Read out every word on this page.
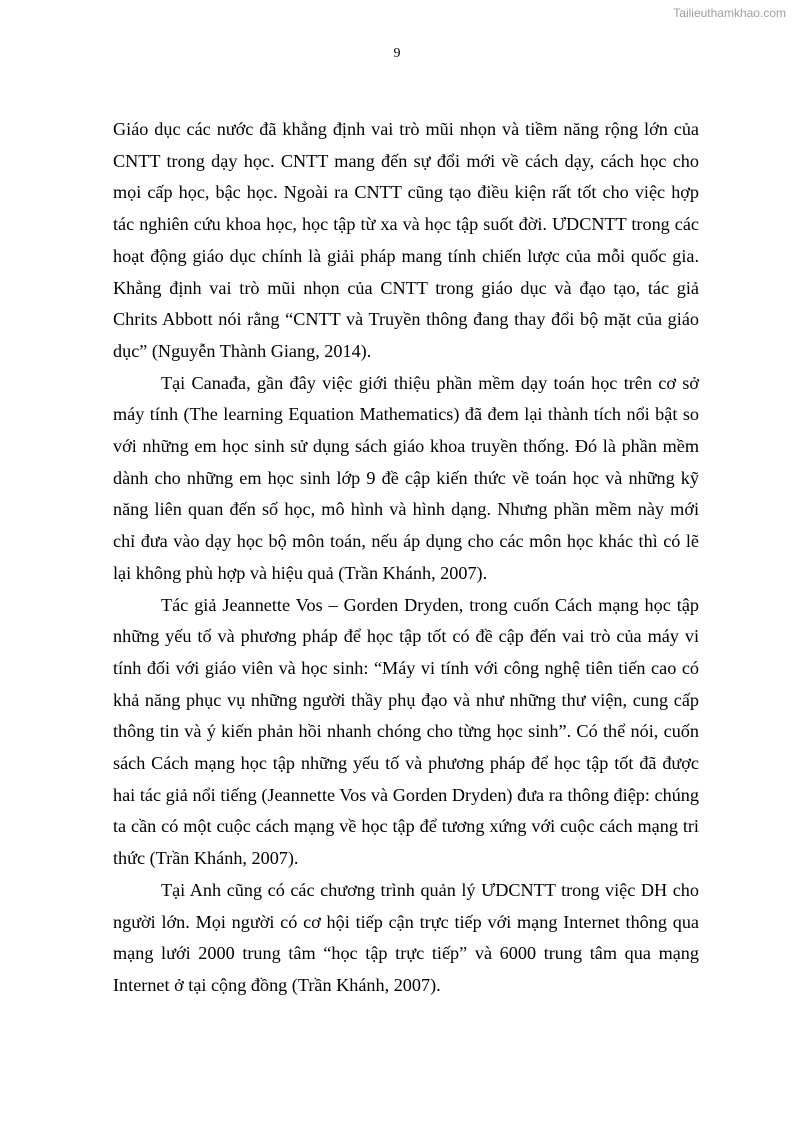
Tailieuthamkhao.com
9

Giáo dục các nước đã khẳng định vai trò mũi nhọn và tiềm năng rộng lớn của CNTT trong dạy học. CNTT mang đến sự đổi mới về cách dạy, cách học cho mọi cấp học, bậc học. Ngoài ra CNTT cũng tạo điều kiện rất tốt cho việc hợp tác nghiên cứu khoa học, học tập từ xa và học tập suốt đời. ƯDCNTT trong các hoạt động giáo dục chính là giải pháp mang tính chiến lược của mỗi quốc gia. Khẳng định vai trò mũi nhọn của CNTT trong giáo dục và đạo tạo, tác giả Chrits Abbott nói rằng “CNTT và Truyền thông đang thay đổi bộ mặt của giáo dục” (Nguyễn Thành Giang, 2014).

Tại Canađa, gần đây việc giới thiệu phần mềm dạy toán học trên cơ sở máy tính (The learning Equation Mathematics) đã đem lại thành tích nổi bật so với những em học sinh sử dụng sách giáo khoa truyền thống. Đó là phần mềm dành cho những em học sinh lớp 9 đề cập kiến thức về toán học và những kỹ năng liên quan đến số học, mô hình và hình dạng. Nhưng phần mềm này mới chỉ đưa vào dạy học bộ môn toán, nếu áp dụng cho các môn học khác thì có lẽ lại không phù hợp và hiệu quả (Trần Khánh, 2007).

Tác giả Jeannette Vos – Gorden Dryden, trong cuốn Cách mạng học tập những yếu tố và phương pháp để học tập tốt có đề cập đến vai trò của máy vi tính đối với giáo viên và học sinh: “Máy vi tính với công nghệ tiên tiến cao có khả năng phục vụ những người thầy phụ đạo và như những thư viện, cung cấp thông tin và ý kiến phản hồi nhanh chóng cho từng học sinh”. Có thể nói, cuốn sách Cách mạng học tập những yếu tố và phương pháp để học tập tốt đã được hai tác giả nổi tiếng (Jeannette Vos và Gorden Dryden) đưa ra thông điệp: chúng ta cần có một cuộc cách mạng về học tập để tương xứng với cuộc cách mạng tri thức (Trần Khánh, 2007).

Tại Anh cũng có các chương trình quản lý ƯDCNTT trong việc DH cho người lớn. Mọi người có cơ hội tiếp cận trực tiếp với mạng Internet thông qua mạng lưới 2000 trung tâm “học tập trực tiếp” và 6000 trung tâm qua mạng Internet ở tại cộng đồng (Trần Khánh, 2007).
